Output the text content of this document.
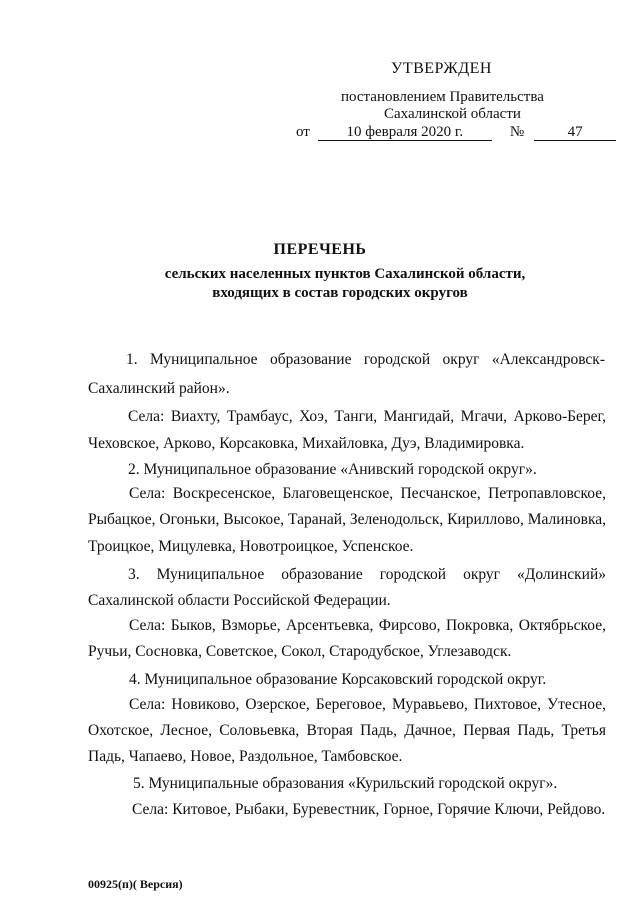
УТВЕРЖДЕН
постановлением Правительства
Сахалинской области
от	10 февраля 2020 г.	№	47
ПЕРЕЧЕНЬ
сельских населенных пунктов Сахалинской области,
входящих в состав городских округов
1. Муниципальное образование городской округ «Александровск-
Сахалинский район».
Села: Виахту, Трамбаус, Хоэ, Танги, Мангидай, Мгачи, Арково-Берег,
Чеховское, Арково, Корсаковка, Михайловка, Дуэ, Владимировка.
2. Муниципальное образование «Анивский городской округ».
Села: Воскресенское, Благовещенское, Песчанское, Петропавловское,
Рыбацкое, Огоньки, Высокое, Таранай, Зеленодольск, Кириллово, Малиновка,
Троицкое, Мицулевка, Новотроицкое, Успенское.
3. Муниципальное образование городской округ «Долинский»
Сахалинской области Российской Федерации.
Села: Быков, Взморье, Арсентьевка, Фирсово, Покровка, Октябрьское,
Ручьи, Сосновка, Советское, Сокол, Стародубское, Углезаводск.
4. Муниципальное образование Корсаковский городской округ.
Села: Новиково, Озерское, Береговое, Муравьево, Пихтовое, Утесное,
Охотское, Лесное, Соловьевка, Вторая Падь, Дачное, Первая Падь, Третья
Падь, Чапаево, Новое, Раздольное, Тамбовское.
5. Муниципальные образования «Курильский городской округ».
Села: Китовое, Рыбаки, Буревестник, Горное, Горячие Ключи, Рейдово.
00925(п)( Версия)
